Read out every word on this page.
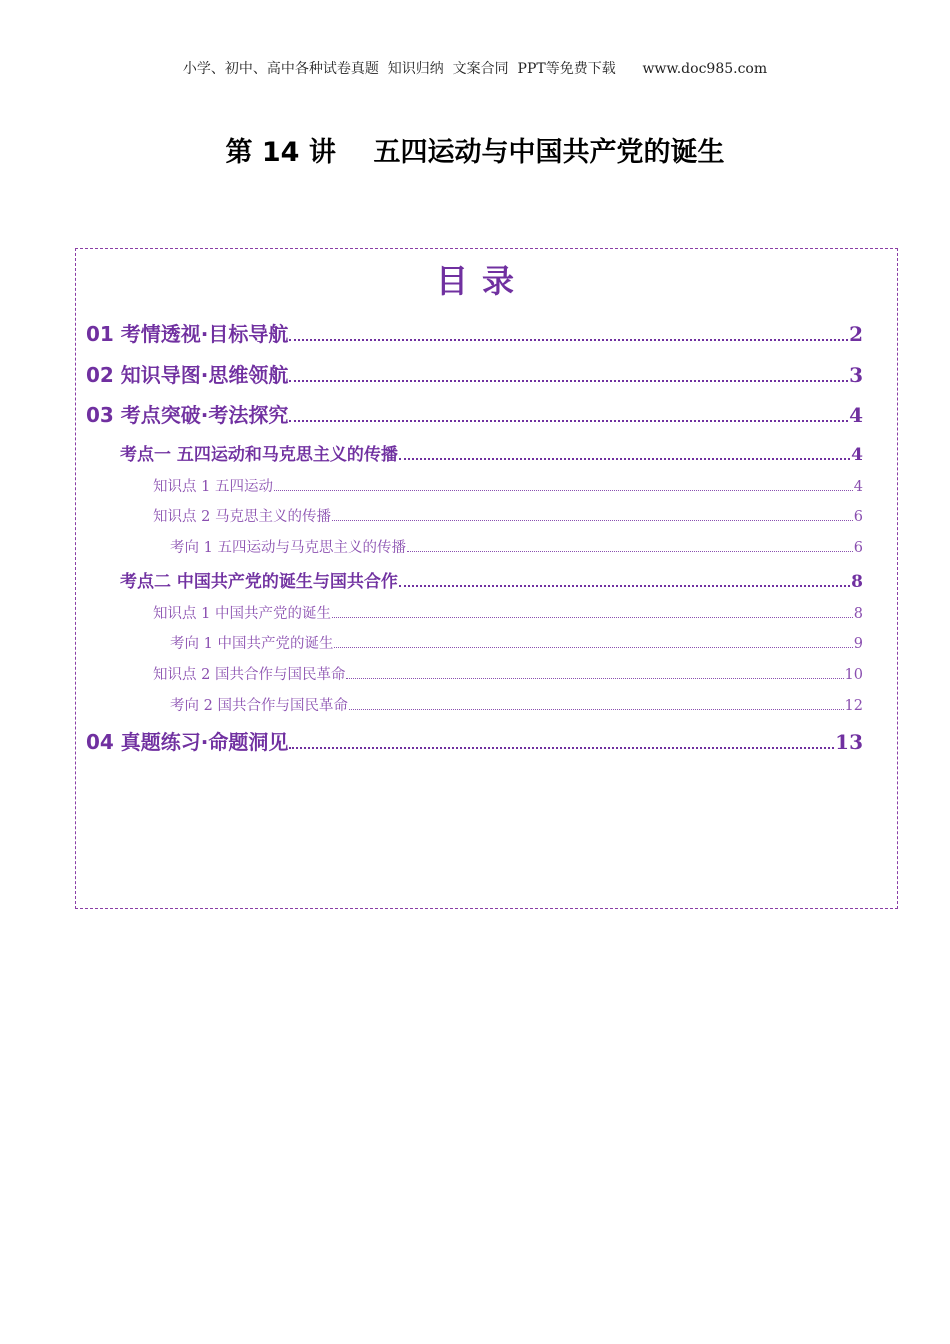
小学、初中、高中各种试卷真题  知识归纳  文案合同  PPT等免费下载      www.doc985.com
第 14 讲    五四运动与中国共产党的诞生
目录
01 考情透视·目标导航	2
02 知识导图·思维领航	3
03 考点突破·考法探究	4
考点一 五四运动和马克思主义的传播	4
知识点 1 五四运动	4
知识点 2 马克思主义的传播	6
考向 1 五四运动与马克思主义的传播	6
考点二 中国共产党的诞生与国共合作	8
知识点 1 中国共产党的诞生	8
考向 1 中国共产党的诞生	9
知识点 2 国共合作与国民革命	10
考向 2 国共合作与国民革命	12
04 真题练习·命题洞见	13
